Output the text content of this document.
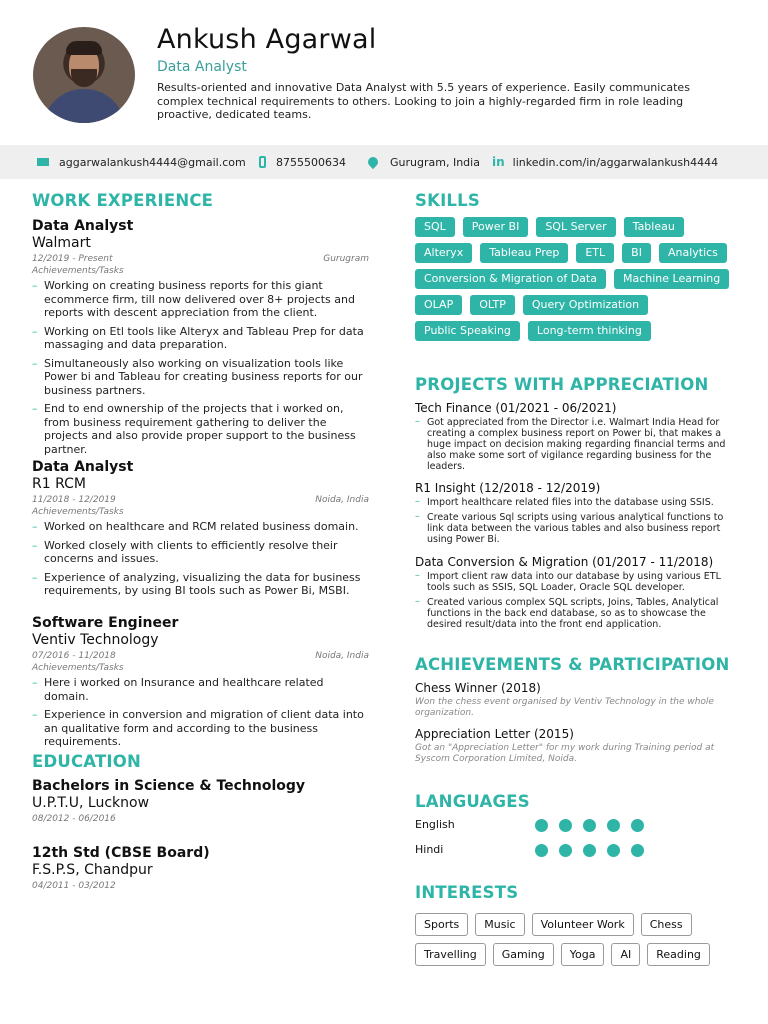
Ankush Agarwal
Data Analyst
Results-oriented and innovative Data Analyst with 5.5 years of experience. Easily communicates complex technical requirements to others. Looking to join a highly-regarded firm in role leading proactive, dedicated teams.
aggarwalankush4444@gmail.com	8755500634	Gurugram, India in linkedin.com/in/aggarwalankush4444
WORK EXPERIENCE
Data Analyst
Walmart
12/2019 - Present	Gurugram
Achievements/Tasks
– Working on creating business reports for this giant ecommerce firm, till now delivered over 8+ projects and reports with descent appreciation from the client.
– Working on Etl tools like Alteryx and Tableau Prep for data massaging and data preparation.
– Simultaneously also working on visualization tools like Power bi and Tableau for creating business reports for our business partners.
– End to end ownership of the projects that i worked on, from business requirement gathering to deliver the projects and also provide proper support to the business partner.
Data Analyst
R1 RCM
11/2018 - 12/2019	Noida, India
Achievements/Tasks
– Worked on healthcare and RCM related business domain.
– Worked closely with clients to efficiently resolve their concerns and issues.
– Experience of analyzing, visualizing the data for business requirements, by using BI tools such as Power Bi, MSBI.
Software Engineer
Ventiv Technology
07/2016 - 11/2018	Noida, India
Achievements/Tasks
– Here i worked on Insurance and healthcare related domain.
– Experience in conversion and migration of client data into an qualitative form and according to the business requirements.
EDUCATION
Bachelors in Science & Technology
U.P.T.U, Lucknow
08/2012 - 06/2016
12th Std (CBSE Board)
F.S.P.S, Chandpur
04/2011 - 03/2012
SKILLS
SQL	Power BI	SQL Server	Tableau
Alteryx	Tableau Prep	ETL	BI	Analytics
Conversion & Migration of Data	Machine Learning
OLAP	OLTP	Query Optimization
Public Speaking	Long-term thinking
PROJECTS WITH APPRECIATION
Tech Finance (01/2021 - 06/2021)
– Got appreciated from the Director i.e. Walmart India Head for creating a complex business report on Power bi, that makes a huge impact on decision making regarding financial terms and also make some sort of vigilance regarding business for the leaders.
R1 Insight (12/2018 - 12/2019)
– Import healthcare related files into the database using SSIS.
– Create various Sql scripts using various analytical functions to link data between the various tables and also business report using Power Bi.
Data Conversion & Migration (01/2017 - 11/2018)
– Import client raw data into our database by using various ETL tools such as SSIS, SQL Loader, Oracle SQL developer.
– Created various complex SQL scripts, Joins, Tables, Analytical functions in the back end database, so as to showcase the desired result/data into the front end application.
ACHIEVEMENTS & PARTICIPATION
Chess Winner (2018)
Won the chess event organised by Ventiv Technology in the whole organization.
Appreciation Letter (2015)
Got an "Appreciation Letter" for my work during Training period at Syscom Corporation Limited, Noida.
LANGUAGES
English
Hindi
INTERESTS
Sports	Music	Volunteer Work	Chess
Travelling	Gaming	Yoga	AI	Reading
